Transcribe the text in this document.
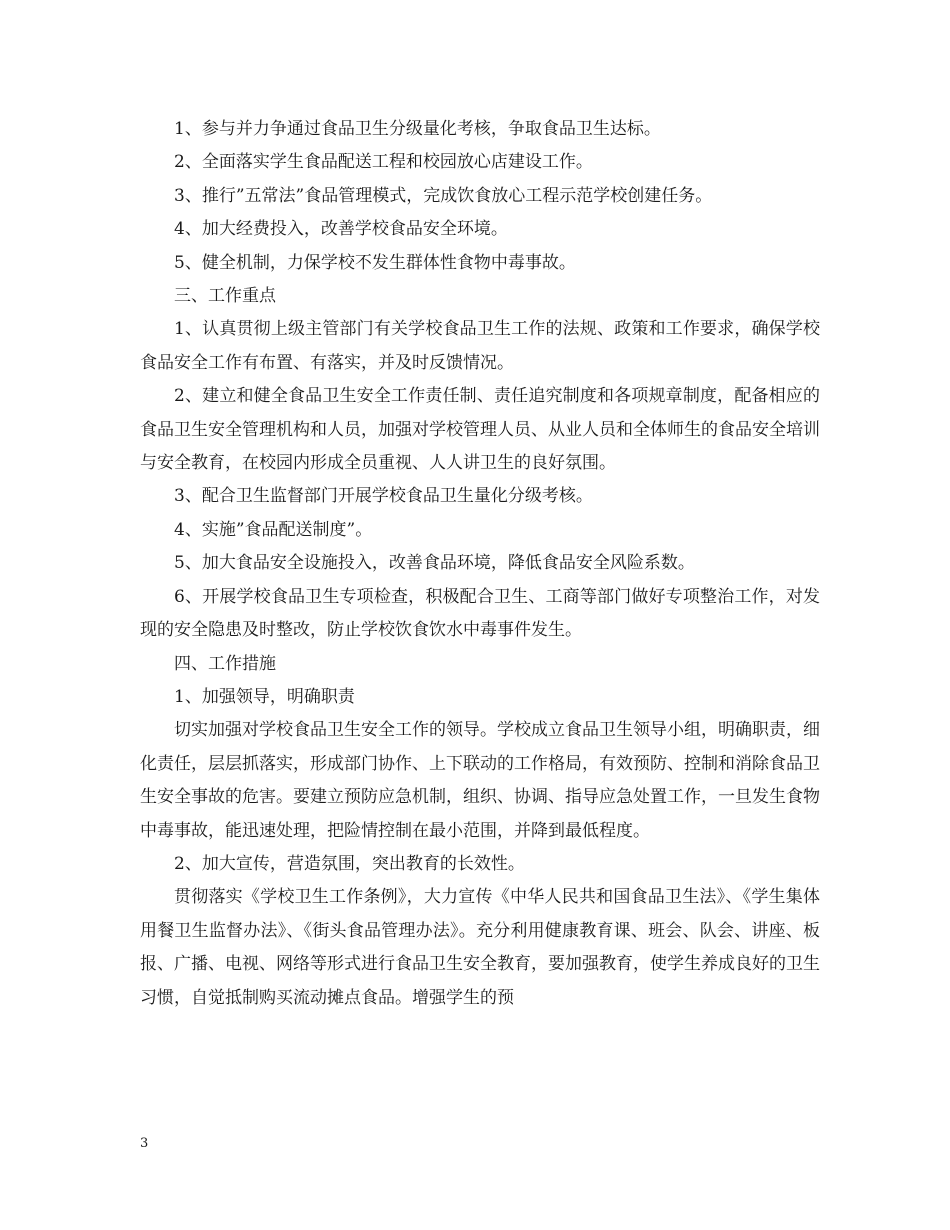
1、参与并力争通过食品卫生分级量化考核，争取食品卫生达标。

2、全面落实学生食品配送工程和校园放心店建设工作。

3、推行”五常法”食品管理模式，完成饮食放心工程示范学校创建任务。

4、加大经费投入，改善学校食品安全环境。

5、健全机制，力保学校不发生群体性食物中毒事故。

三、工作重点

1、认真贯彻上级主管部门有关学校食品卫生工作的法规、政策和工作要求，确保学校食品安全工作有布置、有落实，并及时反馈情况。

2、建立和健全食品卫生安全工作责任制、责任追究制度和各项规章制度，配备相应的食品卫生安全管理机构和人员，加强对学校管理人员、从业人员和全体师生的食品安全培训与安全教育，在校园内形成全员重视、人人讲卫生的良好氛围。

3、配合卫生监督部门开展学校食品卫生量化分级考核。

4、实施”食品配送制度”。

5、加大食品安全设施投入，改善食品环境，降低食品安全风险系数。

6、开展学校食品卫生专项检查，积极配合卫生、工商等部门做好专项整治工作，对发现的安全隐患及时整改，防止学校饮食饮水中毒事件发生。

四、工作措施

1、加强领导，明确职责

切实加强对学校食品卫生安全工作的领导。学校成立食品卫生领导小组，明确职责，细化责任，层层抓落实，形成部门协作、上下联动的工作格局，有效预防、控制和消除食品卫生安全事故的危害。要建立预防应急机制，组织、协调、指导应急处置工作，一旦发生食物中毒事故，能迅速处理，把险情控制在最小范围，并降到最低程度。

2、加大宣传，营造氛围，突出教育的长效性。

贯彻落实《学校卫生工作条例》，大力宣传《中华人民共和国食品卫生法》、《学生集体用餐卫生监督办法》、《街头食品管理办法》。充分利用健康教育课、班会、队会、讲座、板报、广播、电视、网络等形式进行食品卫生安全教育，要加强教育，使学生养成良好的卫生习惯，自觉抵制购买流动摊点食品。增强学生的预

3
